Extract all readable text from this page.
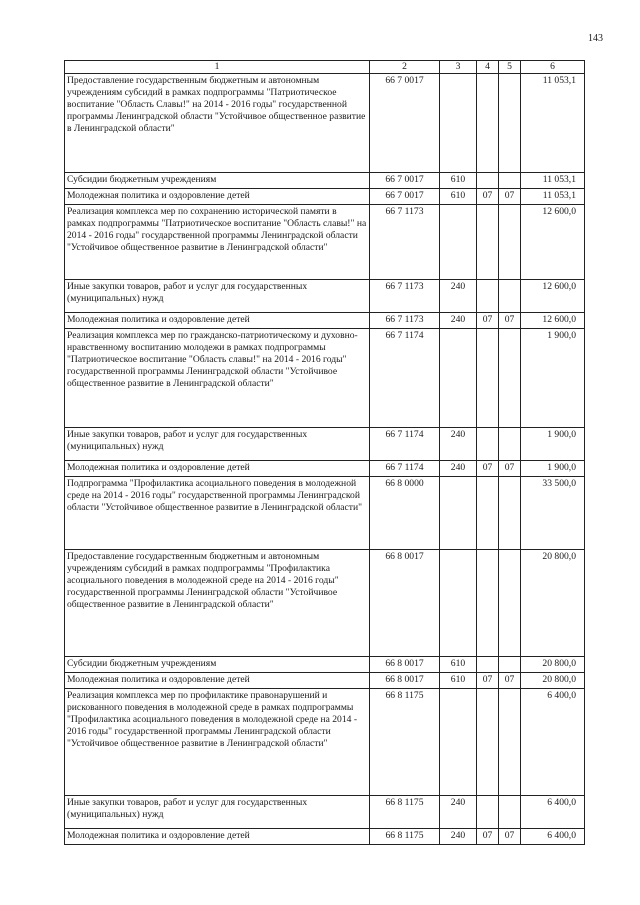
143
1	2	3	4	5	6
Предоставление государственным бюджетным и автономным учреждениям субсидий в рамках подпрограммы "Патриотическое воспитание "Область Славы!" на 2014 - 2016 годы" государственной программы Ленинградской области "Устойчивое общественное развитие в Ленинградской области"	66 7 0017				11 053,1
Субсидии бюджетным учреждениям	66 7 0017	610			11 053,1
Молодежная политика и оздоровление детей	66 7 0017	610	07	07	11 053,1
Реализация комплекса мер по сохранению исторической памяти в рамках подпрограммы "Патриотическое воспитание "Область славы!" на 2014 - 2016 годы" государственной программы Ленинградской области "Устойчивое общественное развитие в Ленинградской области"	66 7 1173				12 600,0
Иные закупки товаров, работ и услуг для государственных (муниципальных) нужд	66 7 1173	240			12 600,0
Молодежная политика и оздоровление детей	66 7 1173	240	07	07	12 600,0
Реализация комплекса мер по гражданско-патриотическому и духовно-нравственному воспитанию молодежи в рамках подпрограммы "Патриотическое воспитание "Область славы!" на 2014 - 2016 годы" государственной программы Ленинградской области "Устойчивое общественное развитие в Ленинградской области"	66 7 1174				1 900,0
Иные закупки товаров, работ и услуг для государственных (муниципальных) нужд	66 7 1174	240			1 900,0
Молодежная политика и оздоровление детей	66 7 1174	240	07	07	1 900,0
Подпрограмма "Профилактика асоциального поведения в молодежной среде на 2014 - 2016 годы" государственной программы Ленинградской области "Устойчивое общественное развитие в Ленинградской области"	66 8 0000				33 500,0
Предоставление государственным бюджетным и автономным учреждениям субсидий в рамках подпрограммы "Профилактика асоциального поведения в молодежной среде на 2014 - 2016 годы" государственной программы Ленинградской области "Устойчивое общественное развитие в Ленинградской области"	66 8 0017				20 800,0
Субсидии бюджетным учреждениям	66 8 0017	610			20 800,0
Молодежная политика и оздоровление детей	66 8 0017	610	07	07	20 800,0
Реализация комплекса мер по профилактике правонарушений и рискованного поведения в молодежной среде в рамках подпрограммы "Профилактика асоциального поведения в молодежной среде на 2014 - 2016 годы" государственной программы Ленинградской области "Устойчивое общественное развитие в Ленинградской области"	66 8 1175				6 400,0
Иные закупки товаров, работ и услуг для государственных (муниципальных) нужд	66 8 1175	240			6 400,0
Молодежная политика и оздоровление детей	66 8 1175	240	07	07	6 400,0
